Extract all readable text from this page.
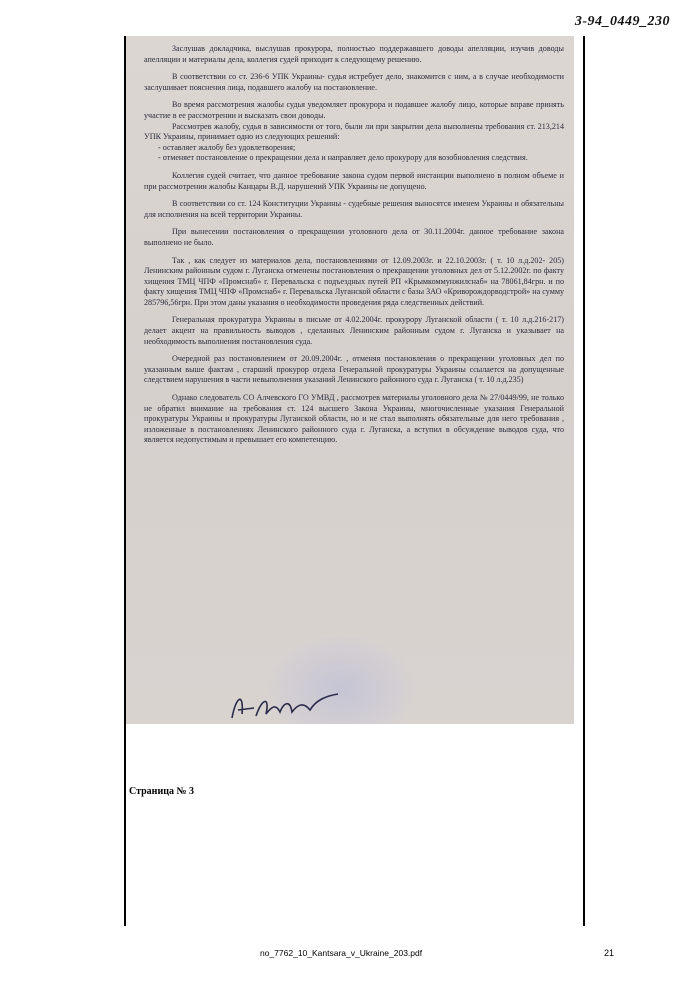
3-94_0449_230

Заслушав докладчика, выслушав прокурора, полностью поддержавшего доводы апелляции, изучив доводы апелляции и материалы дела, коллегия судей приходит к следующему решению.

В соответствии со ст. 236-6 УПК Украины- судья истребует дело, знакомится с ним, а в случае необходимости заслушивает пояснения лица, подавшего жалобу на постановление.

Во время рассмотрения жалобы судья уведомляет прокурора и подавшее жалобу лицо, которые вправе принять участие в ее рассмотрении и высказать свои доводы.

Рассмотрев жалобу, судья в зависимости от того, были ли при закрытии дела выполнены требования ст. 213,214 УПК Украины, принимает одно из следующих решений:

- оставляет жалобу без удовлетворения;

- отменяет постановление о прекращении дела и направляет дело прокурору для возобновления следствия.

Коллегия судей считает, что данное требование закона судом первой инстанции выполнено в полном объеме и при рассмотрении жалобы Канцары В.Д. нарушений УПК Украины не допущено.

В соответствии со ст. 124 Конституции Украины - судебные решения выносятся именем Украины и обязательны для исполнения на всей территории Украины.

При вынесении постановления о прекращении уголовного дела от 30.11.2004г. данное требование закона выполнено не было.

Так , как следует из материалов дела, постановлениями от 12.09.2003г. и 22.10.2003г. ( т. 10 л.д.202- 205) Ленинским районным судом г. Луганска отменены постановления о прекращении уголовных дел от 5.12.2002г. по факту хищения ТМЦ ЧПФ «Промснаб» г. Перевальска с подъездных путей РП «Крымкоммунжилснаб» на 78061,84грн. и по факту хищения ТМЦ ЧПФ «Промснаб» г. Перевальска Луганской области с базы ЗАО «Криворождорводстрой» на сумму 285796,56грн. При этом даны указания о необходимости проведения ряда следственных действий.

Генеральная прокуратура Украины в письме от 4.02.2004г. прокурору Луганской области ( т. 10 л.д.216-217) делает акцент на правильность выводов , сделанных Ленинским районным судом г. Луганска и указывает на необходимость выполнения постановления суда.

Очередной раз постановлением от 20.09.2004г. , отменяя постановления о прекращении уголовных дел по указанным выше фактам , старший прокурор отдела Генеральной прокуратуры Украины ссылается на допущенные следствием нарушения в части невыполнения указаний Ленинского районного суда г. Луганска ( т. 10 л.д.235)

Однако следователь СО Алчевского ГО УМВД , рассмотрев материалы уголовного дела № 27/0449/99, не только не обратил внимание на требования ст. 124 высшего Закона Украины, многочисленные указания Генеральной прокуратуры Украины и прокуратуры Луганской области, но и не стал выполнять обязательные для него требования , изложенные в постановлениях Ленинского районного суда г. Луганска, а вступил в обсуждение выводов суда, что является недопустимым и превышает его компетенцию.

Страница № 3
no_7762_10_Kantsara_v_Ukraine_203.pdf	21
